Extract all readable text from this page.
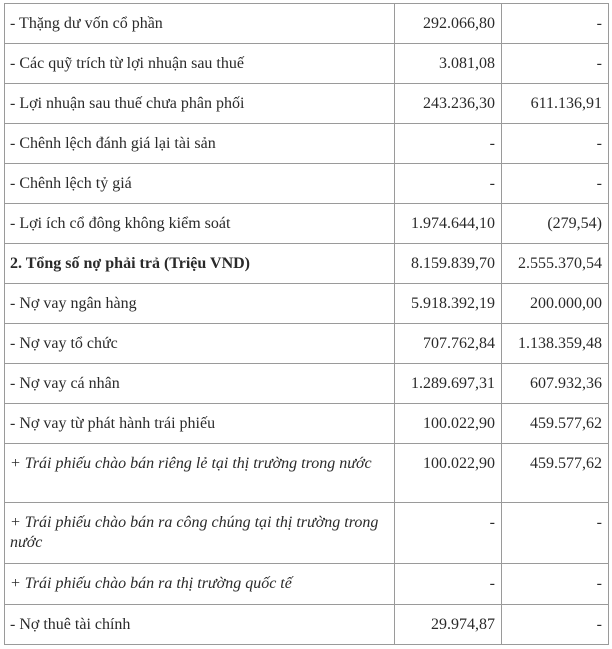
- Thặng dư vốn cổ phần	292.066,80	-
- Các quỹ trích từ lợi nhuận sau thuế	3.081,08	-
- Lợi nhuận sau thuế chưa phân phối	243.236,30	611.136,91
- Chênh lệch đánh giá lại tài sản	-	-
- Chênh lệch tỷ giá	-	-
- Lợi ích cổ đông không kiểm soát	1.974.644,10	(279,54)
2. Tổng số nợ phải trả (Triệu VND)	8.159.839,70	2.555.370,54
- Nợ vay ngân hàng	5.918.392,19	200.000,00
- Nợ vay tổ chức	707.762,84	1.138.359,48
- Nợ vay cá nhân	1.289.697,31	607.932,36
- Nợ vay từ phát hành trái phiếu	100.022,90	459.577,62
+ Trái phiếu chào bán riêng lẻ tại thị trường trong nước	100.022,90	459.577,62
+ Trái phiếu chào bán ra công chúng tại thị trường trong nước	-	-
+ Trái phiếu chào bán ra thị trường quốc tế	-	-
- Nợ thuê tài chính	29.974,87	-
